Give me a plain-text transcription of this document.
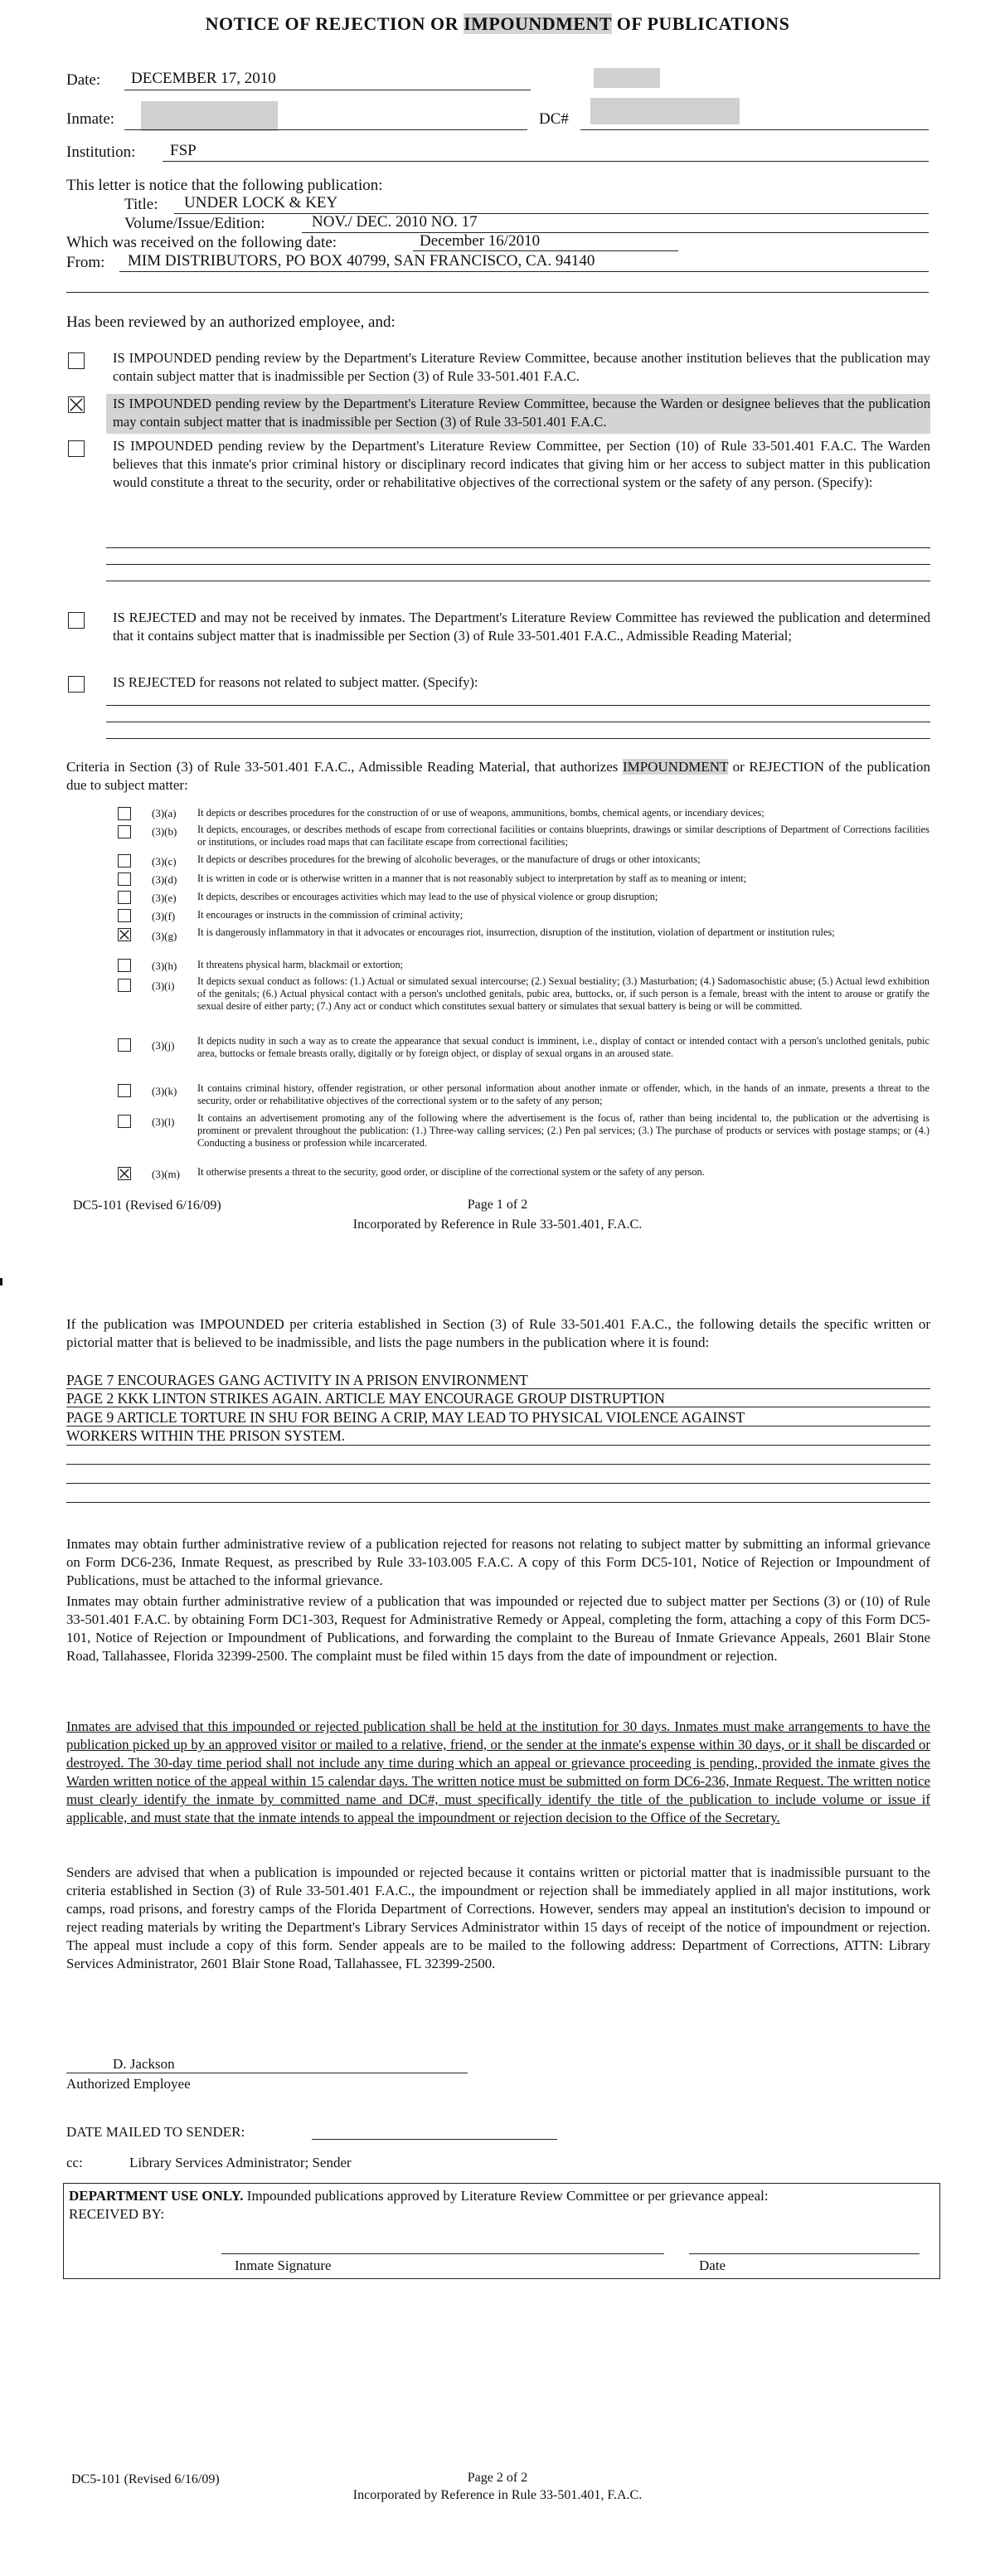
NOTICE OF REJECTION OR IMPOUNDMENT OF PUBLICATIONS
Date: DECEMBER 17, 2010
Inmate:	DC#
Institution: FSP
This letter is notice that the following publication:
Title: UNDER LOCK & KEY
Volume/Issue/Edition:	NOV./ DEC. 2010 NO. 17
Which was received on the following date:	December 16/2010
From: MIM DISTRIBUTORS, PO BOX 40799, SAN FRANCISCO, CA. 94140
Has been reviewed by an authorized employee, and:
IS IMPOUNDED pending review by the Department's Literature Review Committee, because another institution believes that the publication may contain subject matter that is inadmissible per Section (3) of Rule 33-501.401 F.A.C.
IS IMPOUNDED pending review by the Department's Literature Review Committee, because the Warden or designee believes that the publication may contain subject matter that is inadmissible per Section (3) of Rule 33-501.401 F.A.C.
IS IMPOUNDED pending review by the Department's Literature Review Committee, per Section (10) of Rule 33-501.401 F.A.C. The Warden believes that this inmate's prior criminal history or disciplinary record indicates that giving him or her access to subject matter in this publication would constitute a threat to the security, order or rehabilitative objectives of the correctional system or the safety of any person. (Specify):
IS REJECTED and may not be received by inmates. The Department's Literature Review Committee has reviewed the publication and determined that it contains subject matter that is inadmissible per Section (3) of Rule 33-501.401 F.A.C., Admissible Reading Material;
IS REJECTED for reasons not related to subject matter. (Specify):
Criteria in Section (3) of Rule 33-501.401 F.A.C., Admissible Reading Material, that authorizes IMPOUNDMENT or REJECTION of the publication due to subject matter:
(3)(a)	It depicts or describes procedures for the construction of or use of weapons, ammunitions, bombs, chemical agents, or incendiary devices;
(3)(b)	It depicts, encourages, or describes methods of escape from correctional facilities or contains blueprints, drawings or similar descriptions of Department of Corrections facilities or institutions, or includes road maps that can facilitate escape from correctional facilities;
(3)(c)	It depicts or describes procedures for the brewing of alcoholic beverages, or the manufacture of drugs or other intoxicants;
(3)(d)	It is written in code or is otherwise written in a manner that is not reasonably subject to interpretation by staff as to meaning or intent;
(3)(e)	It depicts, describes or encourages activities which may lead to the use of physical violence or group disruption;
(3)(f)	It encourages or instructs in the commission of criminal activity;
(3)(g)	It is dangerously inflammatory in that it advocates or encourages riot, insurrection, disruption of the institution, violation of department or institution rules;
(3)(h)	It threatens physical harm, blackmail or extortion;
(3)(i)	It depicts sexual conduct as follows: (1.) Actual or simulated sexual intercourse; (2.) Sexual bestiality; (3.) Masturbation; (4.) Sadomasochistic abuse; (5.) Actual lewd exhibition of the genitals; (6.) Actual physical contact with a person's unclothed genitals, pubic area, buttocks, or, if such person is a female, breast with the intent to arouse or gratify the sexual desire of either party; (7.) Any act or conduct which constitutes sexual battery or simulates that sexual battery is being or will be committed.
(3)(j)	It depicts nudity in such a way as to create the appearance that sexual conduct is imminent, i.e., display of contact or intended contact with a person's unclothed genitals, pubic area, buttocks or female breasts orally, digitally or by foreign object, or display of sexual organs in an aroused state.
(3)(k)	It contains criminal history, offender registration, or other personal information about another inmate or offender, which, in the hands of an inmate, presents a threat to the security, order or rehabilitative objectives of the correctional system or to the safety of any person;
(3)(l)	It contains an advertisement promoting any of the following where the advertisement is the focus of, rather than being incidental to, the publication or the advertising is prominent or prevalent throughout the publication: (1.) Three-way calling services; (2.) Pen pal services; (3.) The purchase of products or services with postage stamps; or (4.) Conducting a business or profession while incarcerated.
(3)(m)	It otherwise presents a threat to the security, good order, or discipline of the correctional system or the safety of any person.
DC5-101 (Revised 6/16/09)	Page 1 of 2
Incorporated by Reference in Rule 33-501.401, F.A.C.
If the publication was IMPOUNDED per criteria established in Section (3) of Rule 33-501.401 F.A.C., the following details the specific written or pictorial matter that is believed to be inadmissible, and lists the page numbers in the publication where it is found:
PAGE 7 ENCOURAGES GANG ACTIVITY IN A PRISON ENVIRONMENT
PAGE 2 KKK LINTON STRIKES AGAIN. ARTICLE MAY ENCOURAGE GROUP DISTRUPTION
PAGE 9 ARTICLE TORTURE IN SHU FOR BEING A CRIP, MAY LEAD TO PHYSICAL VIOLENCE AGAINST
WORKERS WITHIN THE PRISON SYSTEM.
Inmates may obtain further administrative review of a publication rejected for reasons not relating to subject matter by submitting an informal grievance on Form DC6-236, Inmate Request, as prescribed by Rule 33-103.005 F.A.C. A copy of this Form DC5-101, Notice of Rejection or Impoundment of Publications, must be attached to the informal grievance.
Inmates may obtain further administrative review of a publication that was impounded or rejected due to subject matter per Sections (3) or (10) of Rule 33-501.401 F.A.C. by obtaining Form DC1-303, Request for Administrative Remedy or Appeal, completing the form, attaching a copy of this Form DC5-101, Notice of Rejection or Impoundment of Publications, and forwarding the complaint to the Bureau of Inmate Grievance Appeals, 2601 Blair Stone Road, Tallahassee, Florida 32399-2500. The complaint must be filed within 15 days from the date of impoundment or rejection.
Inmates are advised that this impounded or rejected publication shall be held at the institution for 30 days. Inmates must make arrangements to have the publication picked up by an approved visitor or mailed to a relative, friend, or the sender at the inmate's expense within 30 days, or it shall be discarded or destroyed. The 30-day time period shall not include any time during which an appeal or grievance proceeding is pending, provided the inmate gives the Warden written notice of the appeal within 15 calendar days. The written notice must be submitted on form DC6-236, Inmate Request. The written notice must clearly identify the inmate by committed name and DC#, must specifically identify the title of the publication to include volume or issue if applicable, and must state that the inmate intends to appeal the impoundment or rejection decision to the Office of the Secretary.
Senders are advised that when a publication is impounded or rejected because it contains written or pictorial matter that is inadmissible pursuant to the criteria established in Section (3) of Rule 33-501.401 F.A.C., the impoundment or rejection shall be immediately applied in all major institutions, work camps, road prisons, and forestry camps of the Florida Department of Corrections. However, senders may appeal an institution's decision to impound or reject reading materials by writing the Department's Library Services Administrator within 15 days of receipt of the notice of impoundment or rejection. The appeal must include a copy of this form. Sender appeals are to be mailed to the following address: Department of Corrections, ATTN: Library Services Administrator, 2601 Blair Stone Road, Tallahassee, FL 32399-2500.
D. Jackson
Authorized Employee
DATE MAILED TO SENDER:
cc:	Library Services Administrator; Sender
DEPARTMENT USE ONLY. Impounded publications approved by Literature Review Committee or per grievance appeal:
RECEIVED BY:
Inmate Signature	Date
DC5-101 (Revised 6/16/09)	Page 2 of 2
Incorporated by Reference in Rule 33-501.401, F.A.C.
